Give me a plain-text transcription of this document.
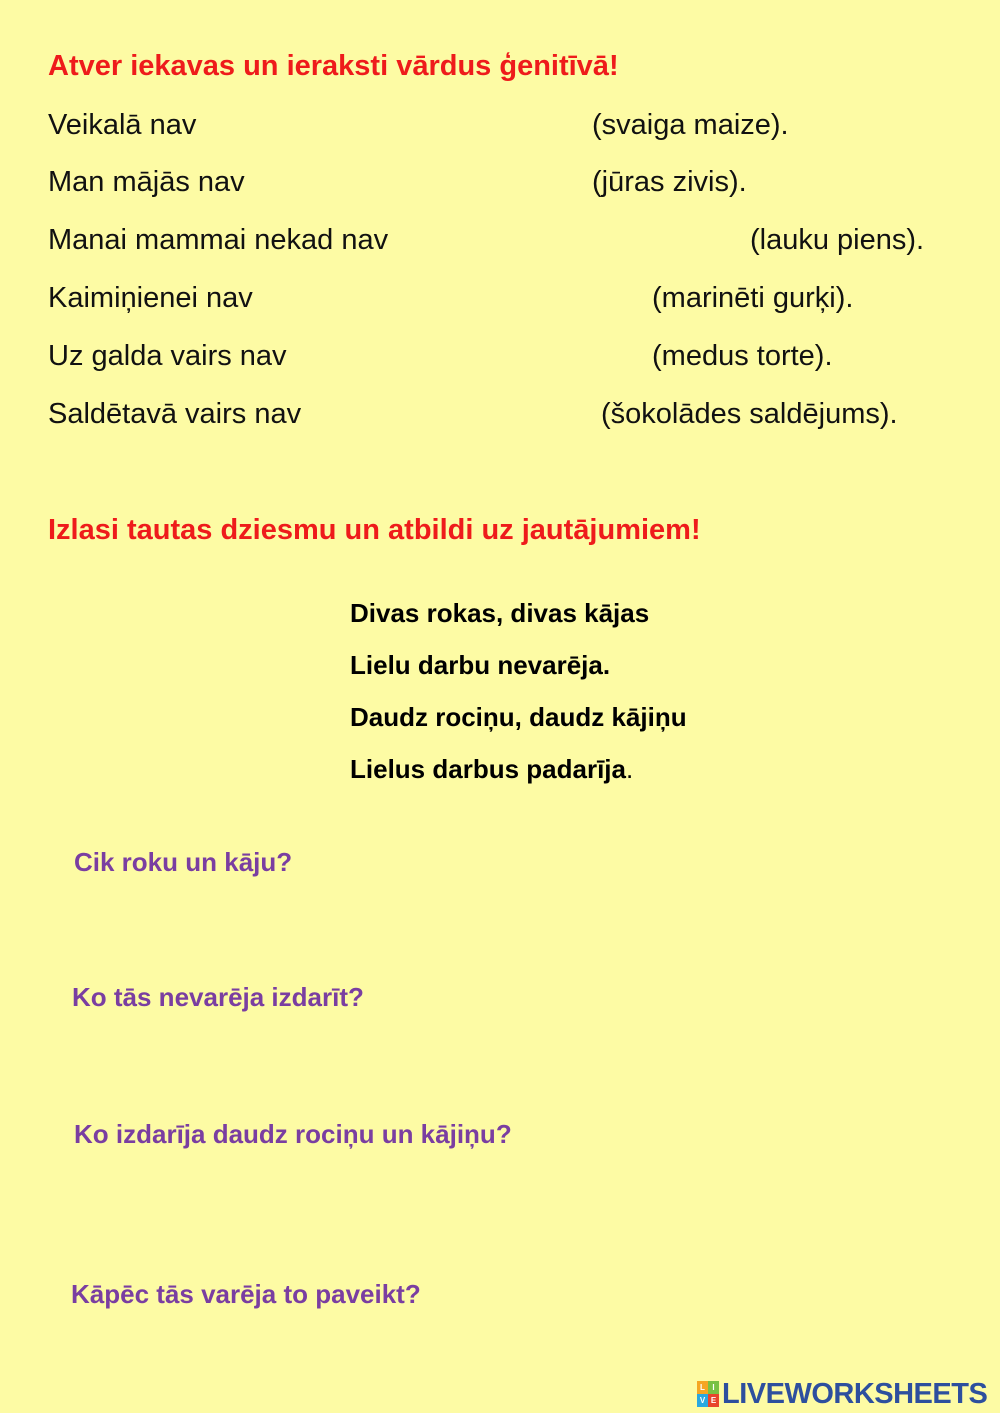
Atver iekavas un ieraksti vārdus ģenitīvā!
Veikalā nav	(svaiga maize).
Man mājās nav	(jūras zivis).
Manai mammai nekad nav	(lauku piens).
Kaimiņienei nav	(marinēti gurķi).
Uz galda vairs nav	(medus torte).
Saldētavā vairs nav	(šokolādes saldējums).
Izlasi tautas dziesmu un atbildi uz jautājumiem!
Divas rokas, divas kājas
Lielu darbu nevarēja.
Daudz rociņu, daudz kājiņu
Lielus darbus padarīja.
Cik roku un kāju?
Ko tās nevarēja izdarīt?
Ko izdarīja daudz rociņu un kājiņu?
Kāpēc tās varēja to paveikt?
L I
V E LIVEWORKSHEETS
